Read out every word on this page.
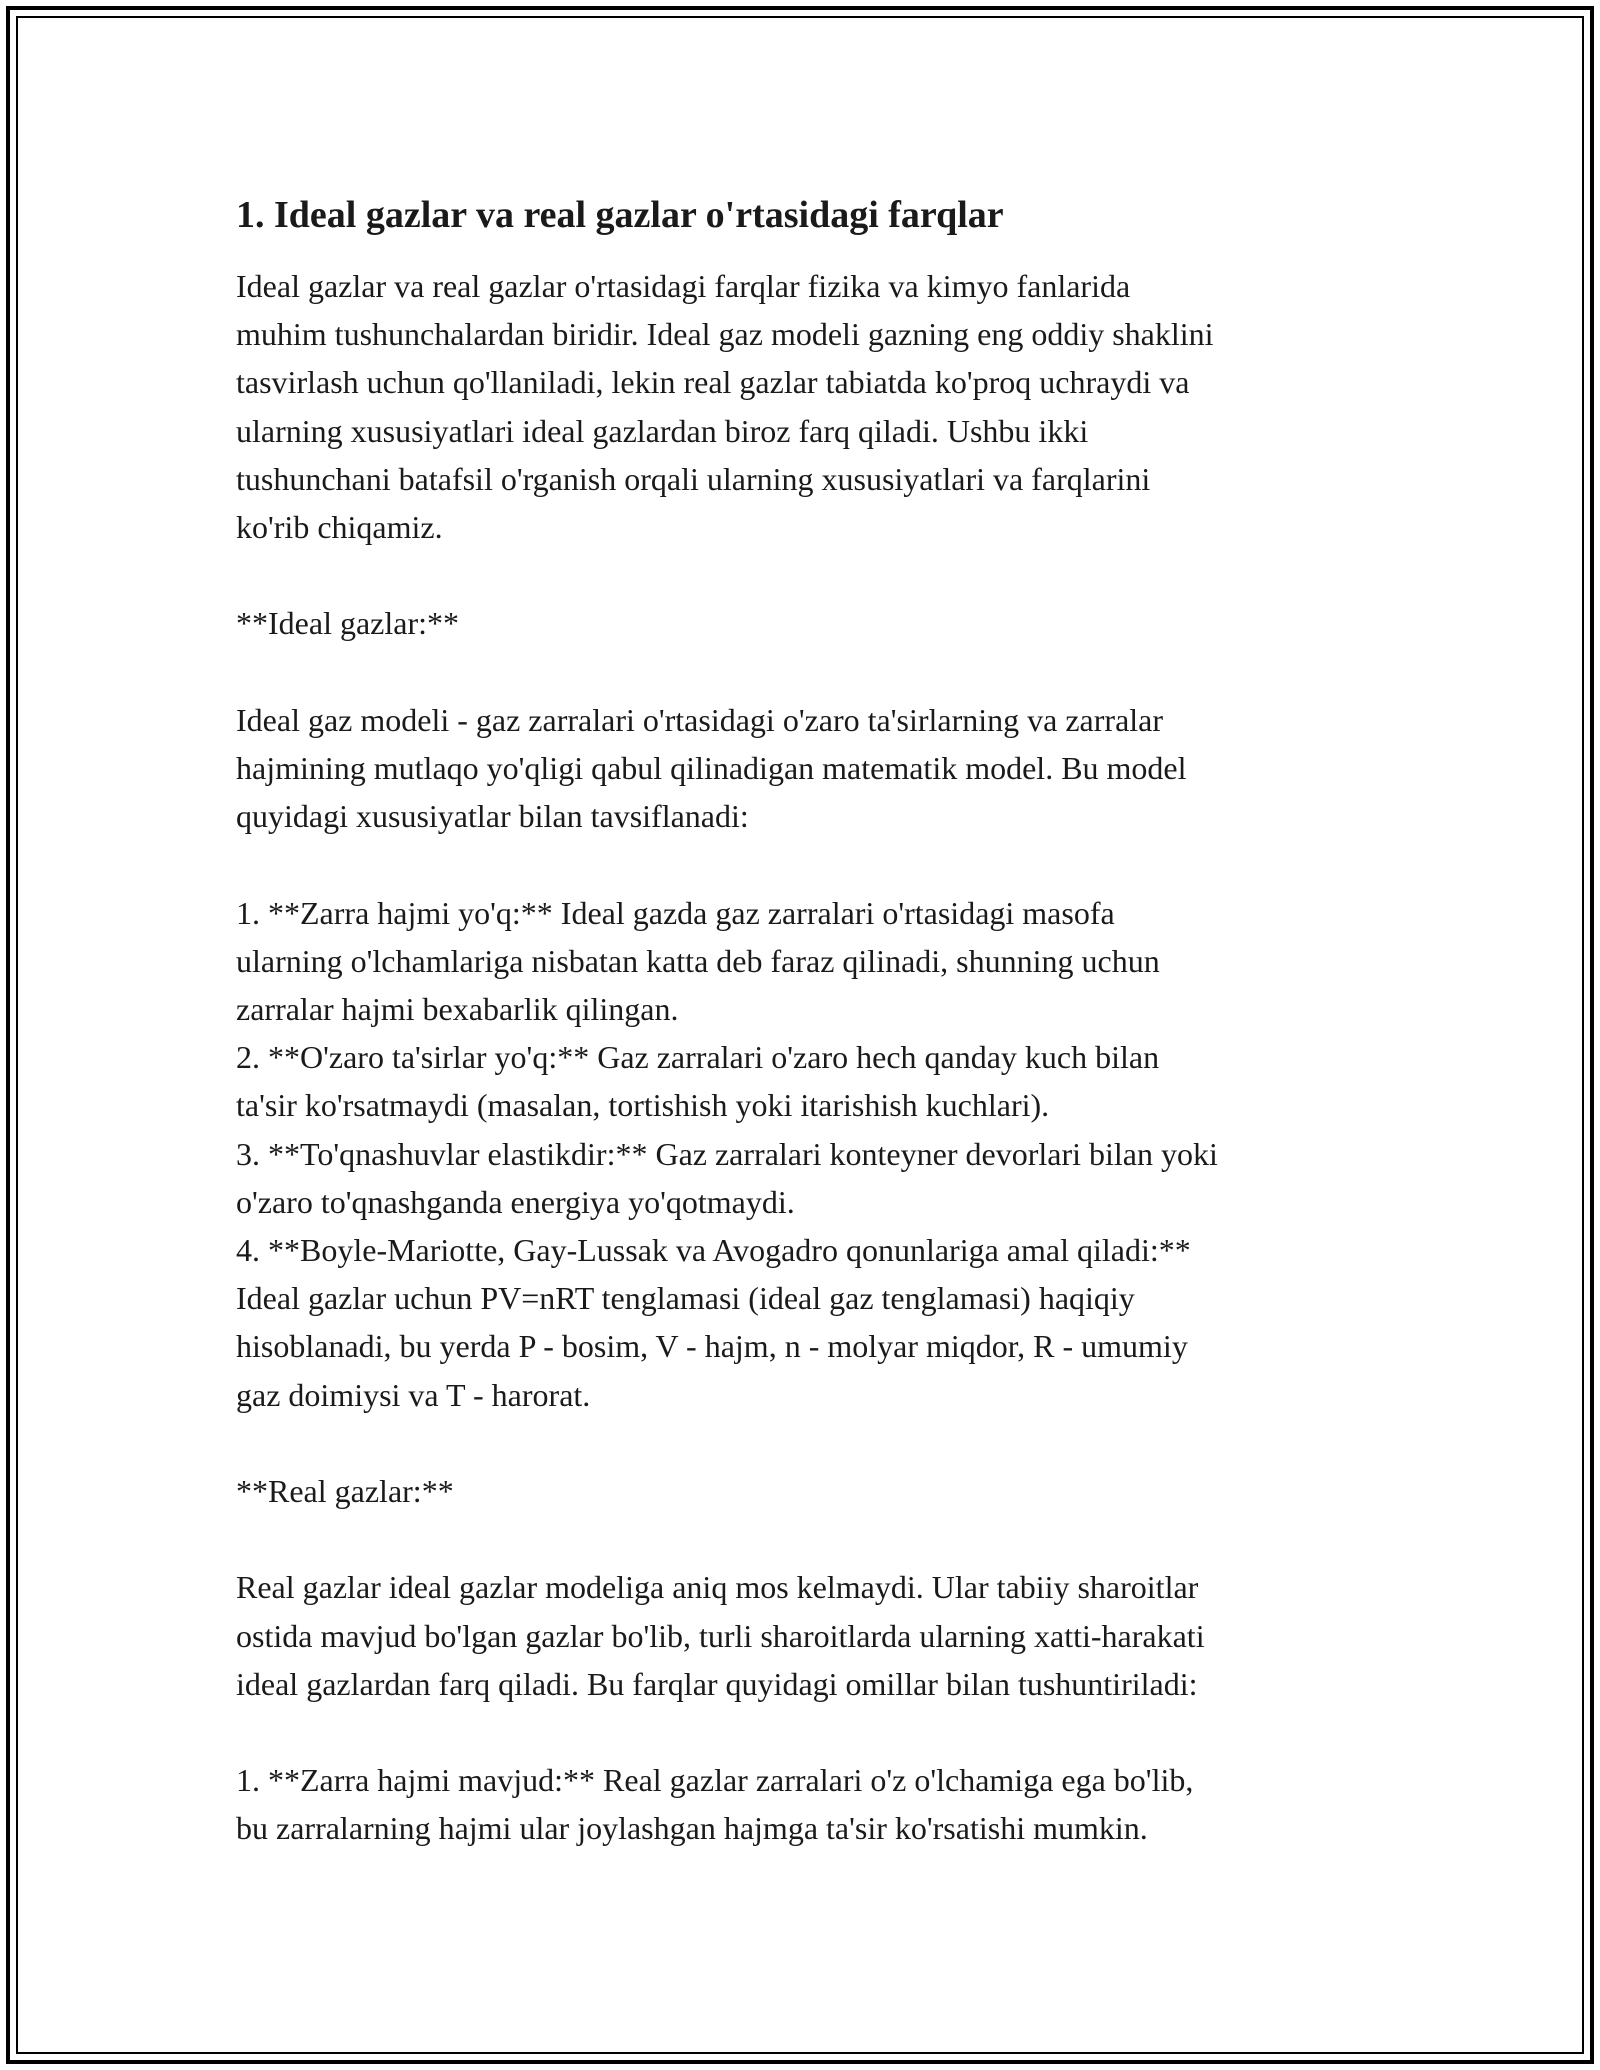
1. Ideal gazlar va real gazlar o'rtasidagi farqlar

Ideal gazlar va real gazlar o'rtasidagi farqlar fizika va kimyo fanlarida
muhim tushunchalardan biridir. Ideal gaz modeli gazning eng oddiy shaklini
tasvirlash uchun qo'llaniladi, lekin real gazlar tabiatda ko'proq uchraydi va
ularning xususiyatlari ideal gazlardan biroz farq qiladi. Ushbu ikki
tushunchani batafsil o'rganish orqali ularning xususiyatlari va farqlarini
ko'rib chiqamiz.

**Ideal gazlar:**

Ideal gaz modeli - gaz zarralari o'rtasidagi o'zaro ta'sirlarning va zarralar
hajmining mutlaqo yo'qligi qabul qilinadigan matematik model. Bu model
quyidagi xususiyatlar bilan tavsiflanadi:

1. **Zarra hajmi yo'q:** Ideal gazda gaz zarralari o'rtasidagi masofa
ularning o'lchamlariga nisbatan katta deb faraz qilinadi, shunning uchun
zarralar hajmi bexabarlik qilingan.
2. **O'zaro ta'sirlar yo'q:** Gaz zarralari o'zaro hech qanday kuch bilan
ta'sir ko'rsatmaydi (masalan, tortishish yoki itarishish kuchlari).
3. **To'qnashuvlar elastikdir:** Gaz zarralari konteyner devorlari bilan yoki
o'zaro to'qnashganda energiya yo'qotmaydi.
4. **Boyle-Mariotte, Gay-Lussak va Avogadro qonunlariga amal qiladi:**
Ideal gazlar uchun PV=nRT tenglamasi (ideal gaz tenglamasi) haqiqiy
hisoblanadi, bu yerda P - bosim, V - hajm, n - molyar miqdor, R - umumiy
gaz doimiysi va T - harorat.

**Real gazlar:**

Real gazlar ideal gazlar modeliga aniq mos kelmaydi. Ular tabiiy sharoitlar
ostida mavjud bo'lgan gazlar bo'lib, turli sharoitlarda ularning xatti-harakati
ideal gazlardan farq qiladi. Bu farqlar quyidagi omillar bilan tushuntiriladi:

1. **Zarra hajmi mavjud:** Real gazlar zarralari o'z o'lchamiga ega bo'lib,
bu zarralarning hajmi ular joylashgan hajmga ta'sir ko'rsatishi mumkin.
